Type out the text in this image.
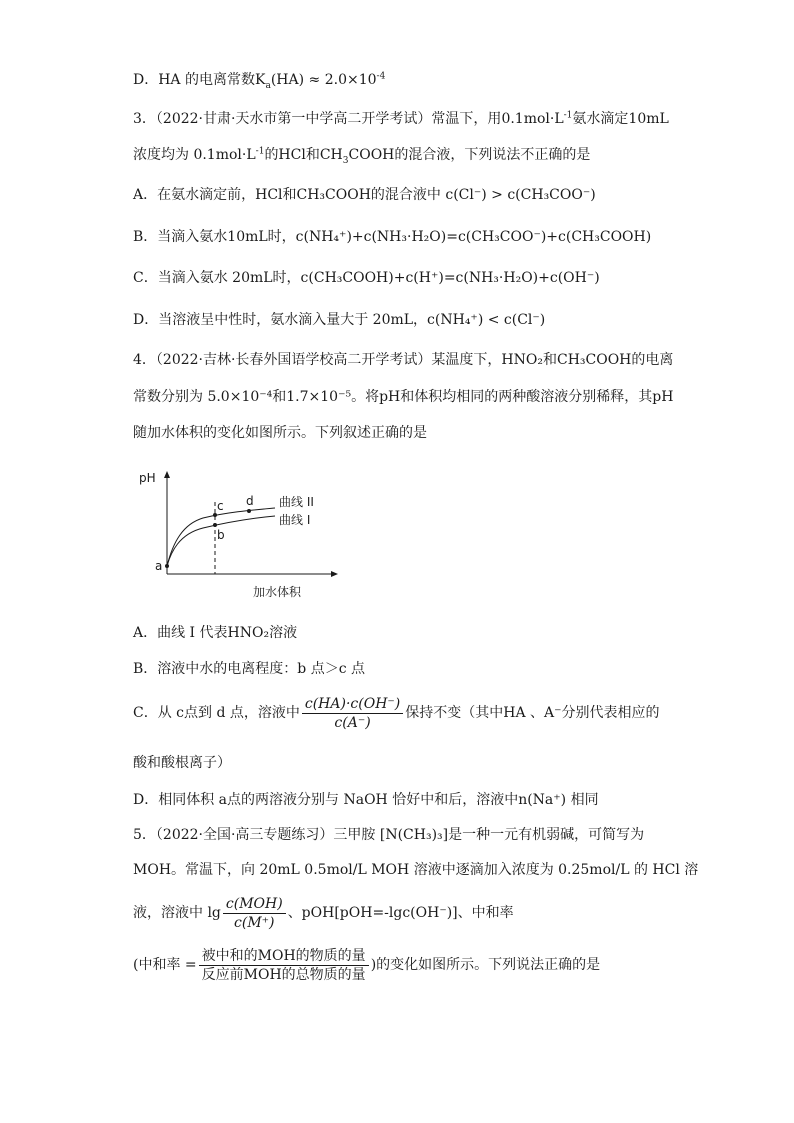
D．HA 的电离常数$K_a(HA) \approx 2.0\times 10^{-4}$
3．（2022·甘肃·天水市第一中学高二开学考试）常温下，用$0.1mol\cdot L^{-1}$氨水滴定10mL
浓度均为 $0.1mol\cdot L^{-1}$的HCl和$CH_3COOH$的混合液，下列说法不正确的是
A．在氨水滴定前，HCl和CH₃COOH的混合液中 c(Cl⁻) > c(CH₃COO⁻)
B．当滴入氨水10mL时，c(NH₄⁺)+c(NH₃·H₂O)=c(CH₃COO⁻)+c(CH₃COOH)
C．当滴入氨水 20mL时，c(CH₃COOH)+c(H⁺)=c(NH₃·H₂O)+c(OH⁻)
D．当溶液呈中性时，氨水滴入量大于 20mL，c(NH₄⁺) < c(Cl⁻)
4．（2022·吉林·长春外国语学校高二开学考试）某温度下，HNO₂和CH₃COOH的电离
常数分别为 5.0×10⁻⁴和1.7×10⁻⁵。将pH和体积均相同的两种酸溶液分别稀释，其pH
随加水体积的变化如图所示。下列叙述正确的是
pH
加水体积
a
c
b
d 曲线 II
曲线 I
A．曲线 I 代表HNO₂溶液
B．溶液中水的电离程度：b 点＞c 点
C．从 c点到 d 点，溶液中 $\frac{c(HA)\cdot c(OH^-)}{c(A^-)}$ 保持不变（其中HA 、A⁻分别代表相应的
酸和酸根离子）
D．相同体积 a点的两溶液分别与 NaOH 恰好中和后，溶液中n(Na⁺) 相同
5．（2022·全国·高三专题练习）三甲胺 [N(CH₃)₃]是一种一元有机弱碱，可简写为
MOH。常温下，向 20mL 0.5mol/L MOH 溶液中逐滴加入浓度为 0.25mol/L 的 HCl 溶
液，溶液中 $\lg \frac{\text{c(MOH)}}{c(M^+)}$ 、pOH[pOH=-lgc(OH⁻)]、中和率
(中和率 = $\frac{\text{被中和的MOH的物质的量}}{\text{反应前MOH的总物质的量}}$ )的变化如图所示。下列说法正确的是
